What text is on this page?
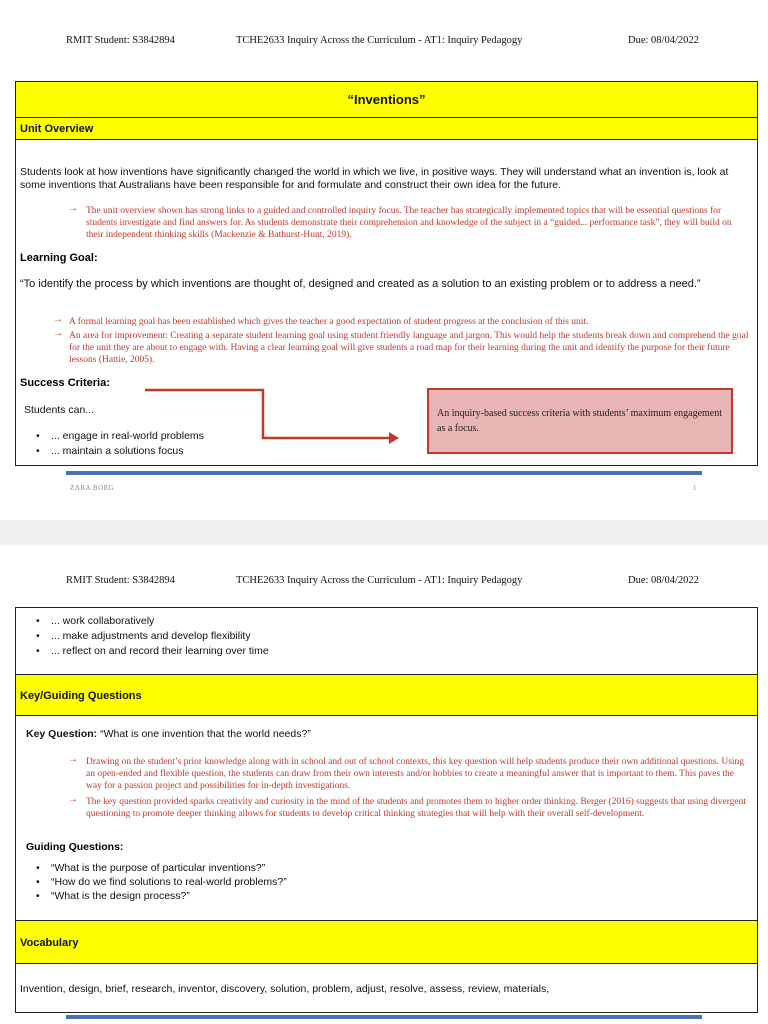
RMIT Student: S3842894	TCHE2633 Inquiry Across the Curriculum - AT1: Inquiry Pedagogy	Due: 08/04/2022
“Inventions”
Unit Overview
Students look at how inventions have significantly changed the world in which we live, in positive ways. They will understand what an invention is, look at some inventions that Australians have been responsible for and formulate and construct their own idea for the future.
→ The unit overview shown has strong links to a guided and controlled inquiry focus. The teacher has strategically implemented topics that will be essential questions for students investigate and find answers for. As students demonstrate their comprehension and knowledge of the subject in a “guided... performance task”, they will build on their independent thinking skills (Mackenzie & Bathurst-Hunt, 2019).
Learning Goal:
“To identify the process by which inventions are thought of, designed and created as a solution to an existing problem or to address a need.”
→ A formal learning goal has been established which gives the teacher a good expectation of student progress at the conclusion of this unit.
→ An area for improvement: Creating a separate student learning goal using student friendly language and jargon. This would help the students break down and comprehend the goal for the unit they are about to engage with. Having a clear learning goal will give students a road map for their learning during the unit and identify the purpose for their future lessons (Hattie, 2005).
Success Criteria:
Students can...
• ... engage in real-world problems
• ... maintain a solutions focus
An inquiry-based success criteria with students’ maximum engagement as a focus.
ZARA BORG	1
RMIT Student: S3842894	TCHE2633 Inquiry Across the Curriculum - AT1: Inquiry Pedagogy	Due: 08/04/2022
• ... work collaboratively
• ... make adjustments and develop flexibility
• ... reflect on and record their learning over time
Key/Guiding Questions
Key Question: “What is one invention that the world needs?”
→ Drawing on the student’s prior knowledge along with in school and out of school contexts, this key question will help students produce their own additional questions. Using an open-ended and flexible question, the students can draw from their own interests and/or hobbies to create a meaningful answer that is important to them. This paves the way for a passion project and possibilities for in-depth investigations.
→ The key question provided sparks creativity and curiosity in the mind of the students and promotes them to higher order thinking. Berger (2016) suggests that using divergent questioning to promote deeper thinking allows for students to develop critical thinking strategies that will help with their overall self-development.
Guiding Questions:
• “What is the purpose of particular inventions?”
• “How do we find solutions to real-world problems?”
• “What is the design process?”
Vocabulary
Invention, design, brief, research, inventor, discovery, solution, problem, adjust, resolve, assess, review, materials,
